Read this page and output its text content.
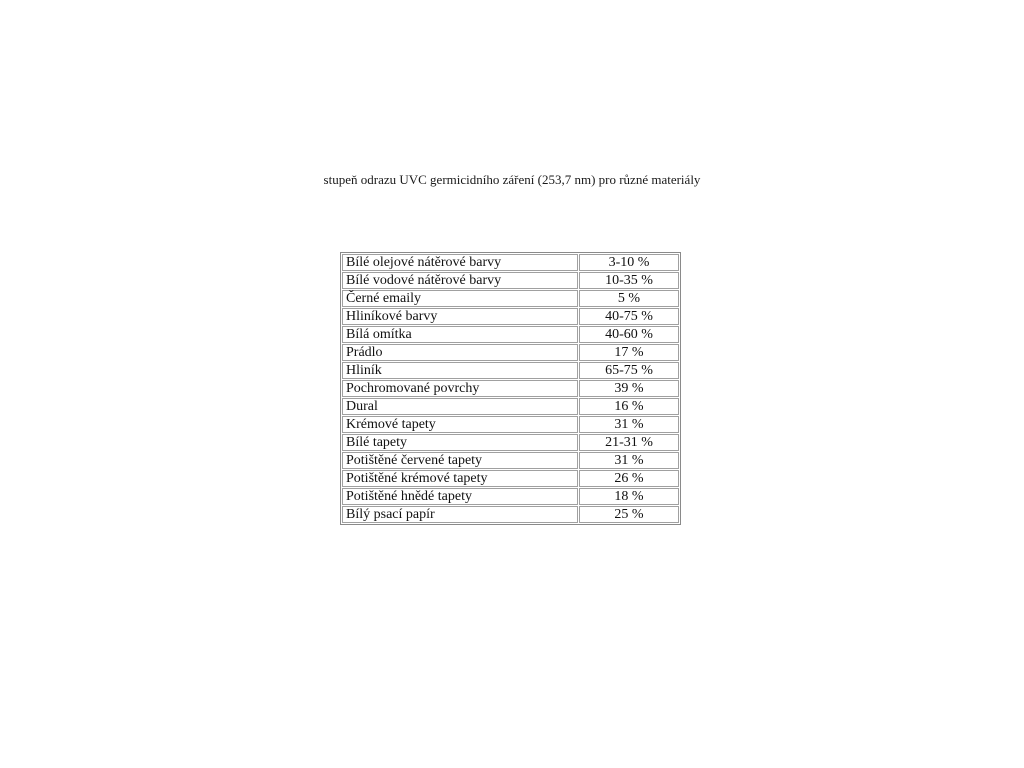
stupeň odrazu UVC germicidního záření (253,7 nm) pro různé materiály
Bílé olejové nátěrové barvy	3-10 %
Bílé vodové nátěrové barvy	10-35 %
Černé emaily	5 %
Hliníkové barvy	40-75 %
Bílá omítka	40-60 %
Prádlo	17 %
Hliník	65-75 %
Pochromované povrchy	39 %
Dural	16 %
Krémové tapety	31 %
Bílé tapety	21-31 %
Potištěné červené tapety	31 %
Potištěné krémové tapety	26 %
Potištěné hnědé tapety	18 %
Bílý psací papír	25 %
